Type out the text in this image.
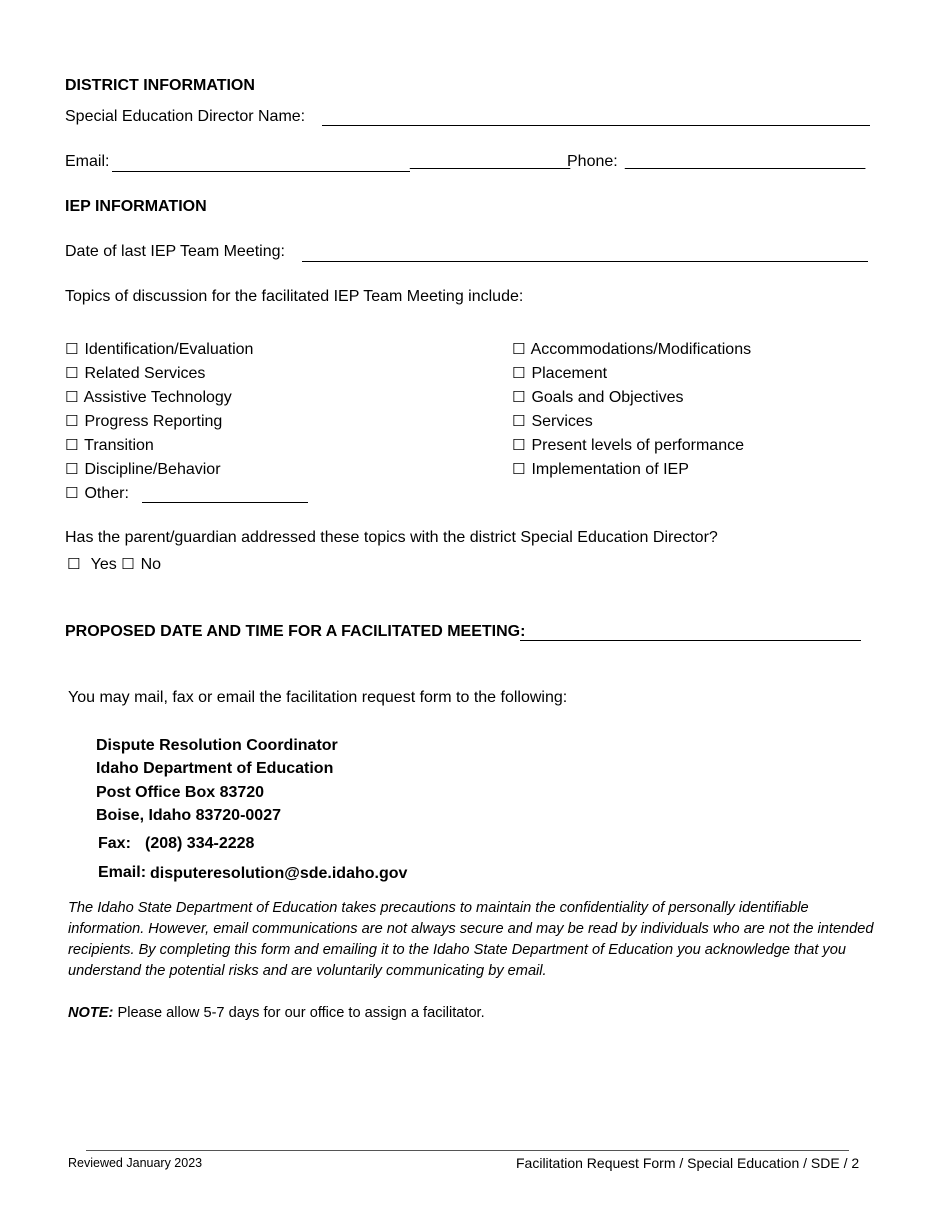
DISTRICT INFORMATION
Special Education Director Name:
Email:	__________________
Phone: ___________________________
IEP INFORMATION
Date of last IEP Team Meeting:
Topics of discussion for the facilitated IEP Team Meeting include:
☐ Identification/Evaluation
☐ Related Services
☐ Assistive Technology
☐ Progress Reporting
☐ Transition
☐ Discipline/Behavior
☐ Other:
☐ Accommodations/Modifications
☐ Placement
☐ Goals and Objectives
☐ Services
☐ Present levels of performance
☐ Implementation of IEP
Has the parent/guardian addressed these topics with the district Special Education Director?
☐ Yes ☐ No
PROPOSED DATE AND TIME FOR A FACILITATED MEETING:
You may mail, fax or email the facilitation request form to the following:
Dispute Resolution Coordinator
Idaho Department of Education
Post Office Box 83720
Boise, Idaho 83720-0027
Fax: (208) 334-2228
Email: disputeresolution@sde.idaho.gov
The Idaho State Department of Education takes precautions to maintain the confidentiality of personally identifiable information. However, email communications are not always secure and may be read by individuals who are not the intended recipients. By completing this form and emailing it to the Idaho State Department of Education you acknowledge that you understand the potential risks and are voluntarily communicating by email.
NOTE: Please allow 5-7 days for our office to assign a facilitator.
Reviewed January 2023	Facilitation Request Form / Special Education / SDE / 2
